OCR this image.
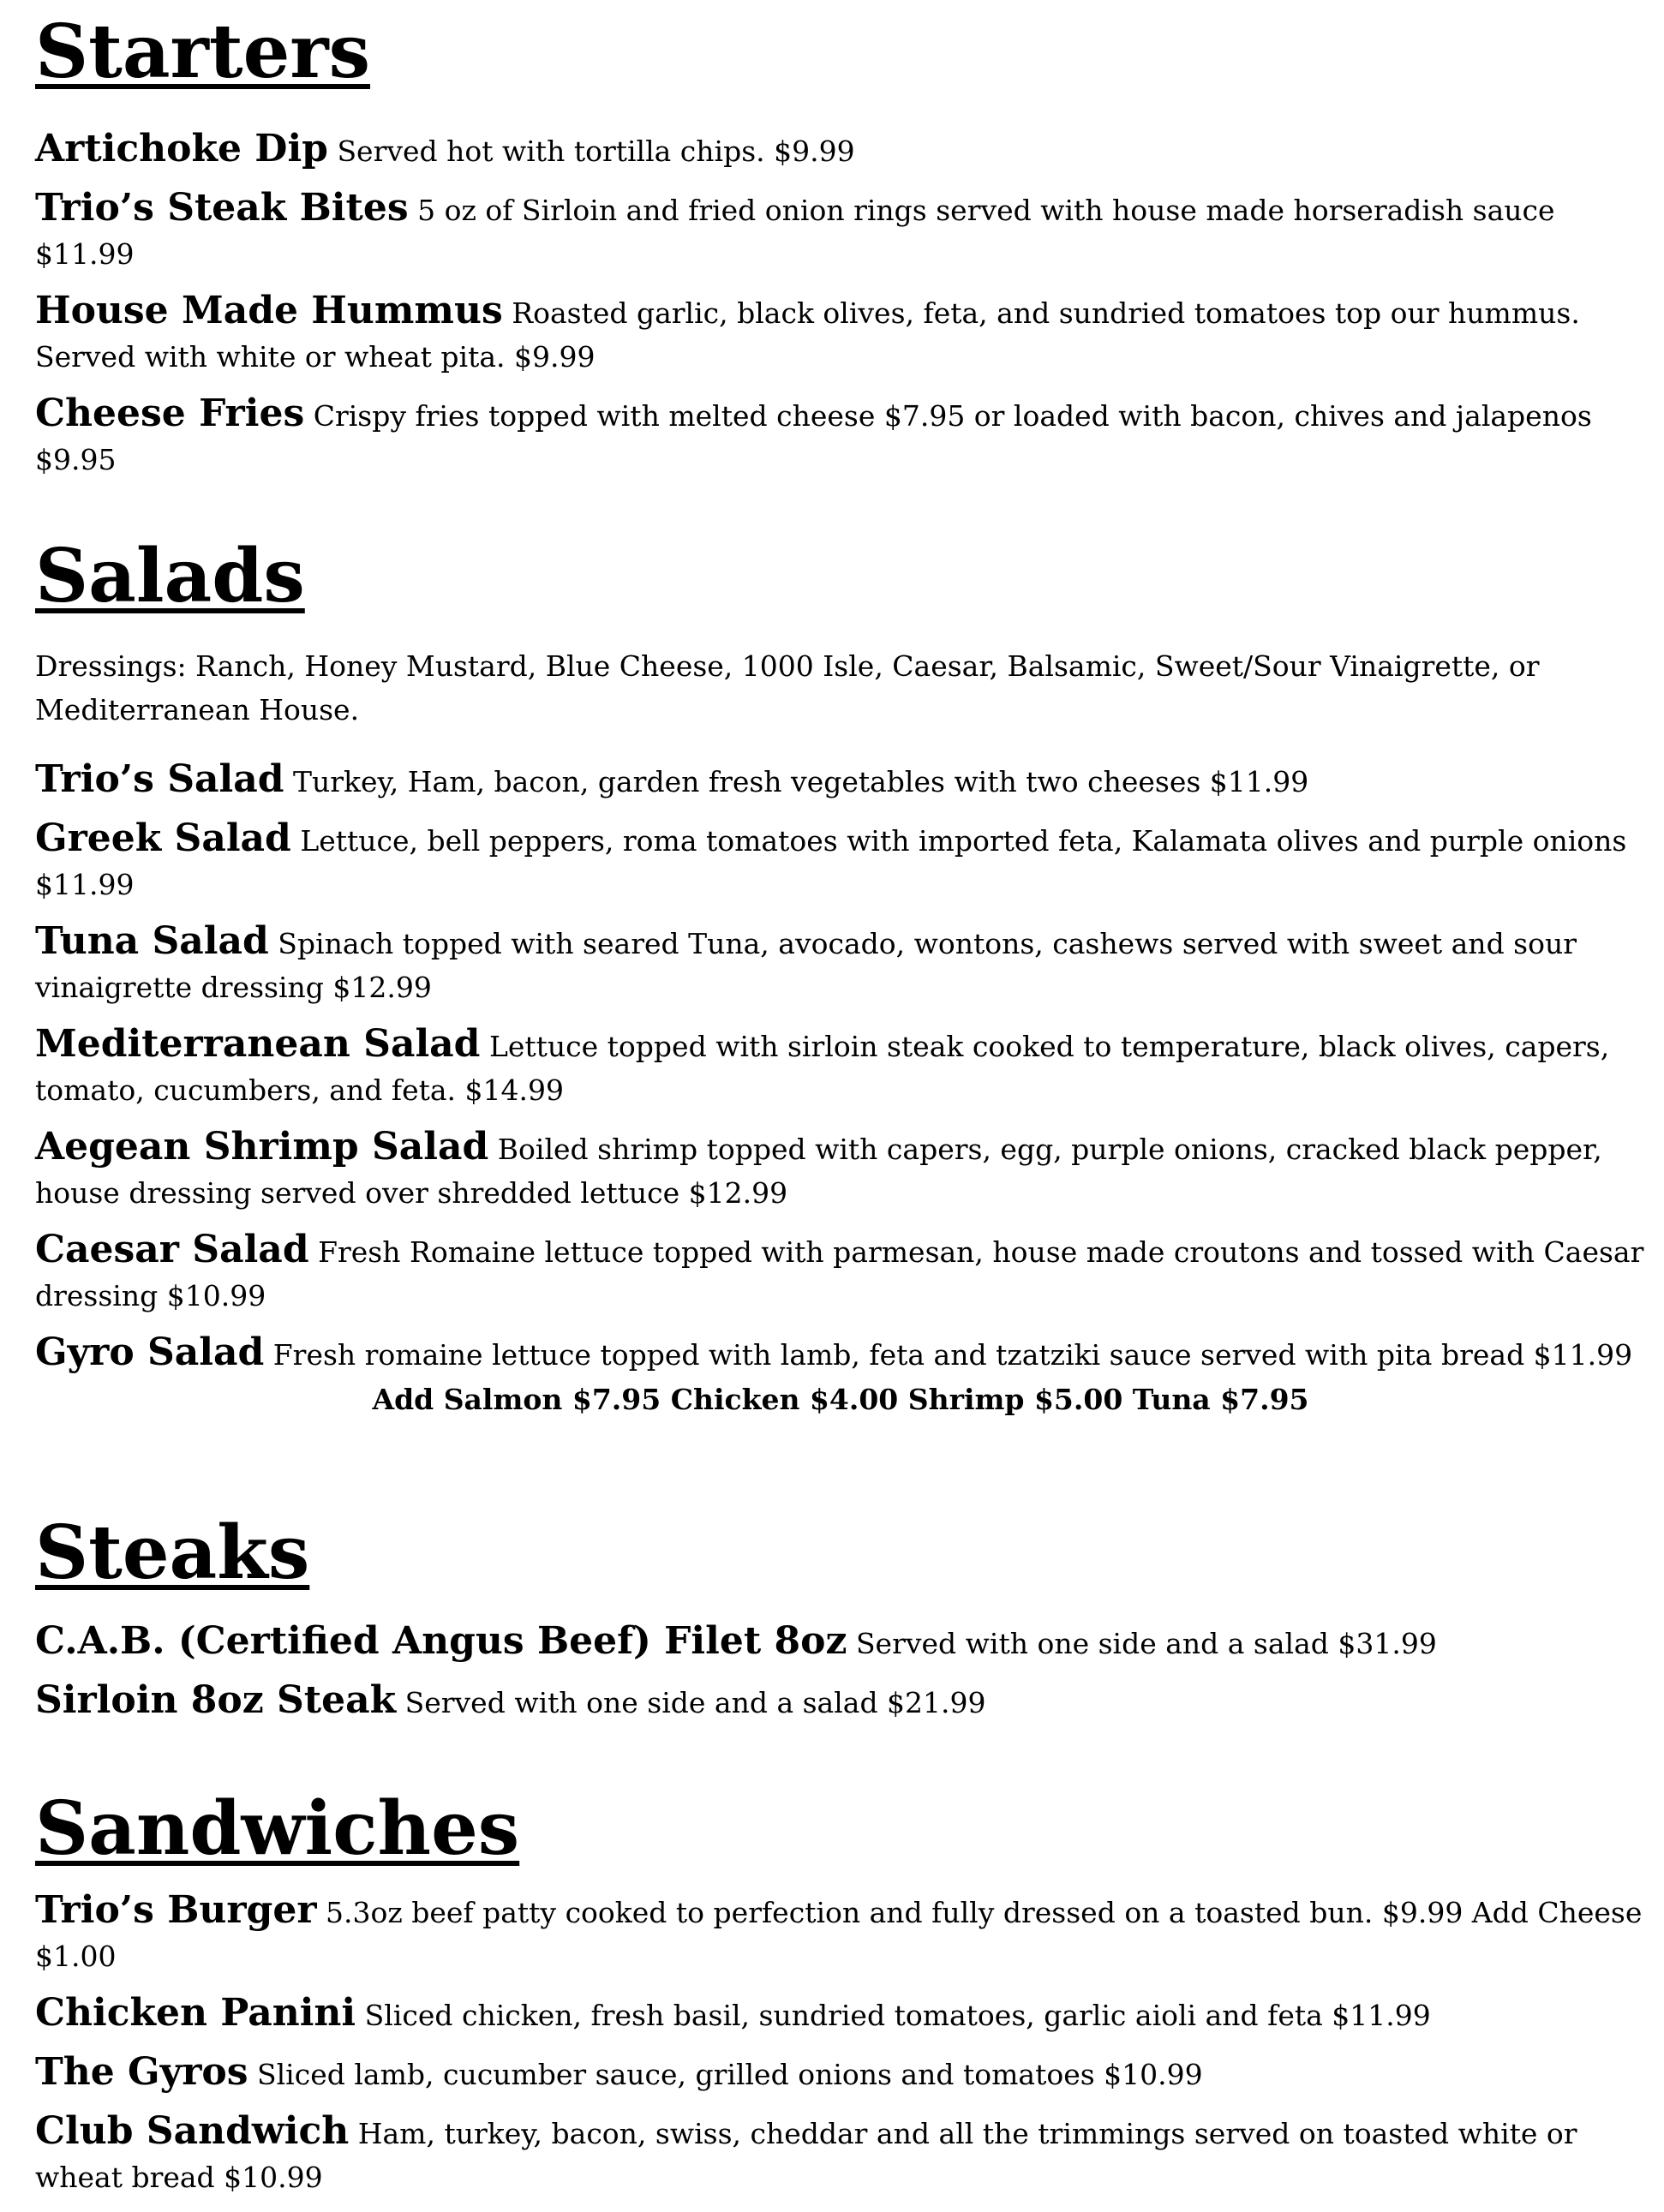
Starters
Artichoke Dip Served hot with tortilla chips. $9.99
Trio’s Steak Bites 5 oz of Sirloin and fried onion rings served with house made horseradish sauce $11.99
House Made Hummus Roasted garlic, black olives, feta, and sundried tomatoes top our hummus. Served with white or wheat pita. $9.99
Cheese Fries Crispy fries topped with melted cheese $7.95 or loaded with bacon, chives and jalapenos $9.95
Salads
Dressings: Ranch, Honey Mustard, Blue Cheese, 1000 Isle, Caesar, Balsamic, Sweet/Sour Vinaigrette, or Mediterranean House.
Trio’s Salad Turkey, Ham, bacon, garden fresh vegetables with two cheeses $11.99
Greek Salad Lettuce, bell peppers, roma tomatoes with imported feta, Kalamata olives and purple onions $11.99
Tuna Salad Spinach topped with seared Tuna, avocado, wontons, cashews served with sweet and sour vinaigrette dressing $12.99
Mediterranean Salad Lettuce topped with sirloin steak cooked to temperature, black olives, capers, tomato, cucumbers, and feta. $14.99
Aegean Shrimp Salad Boiled shrimp topped with capers, egg, purple onions, cracked black pepper, house dressing served over shredded lettuce $12.99
Caesar Salad Fresh Romaine lettuce topped with parmesan, house made croutons and tossed with Caesar dressing $10.99
Gyro Salad Fresh romaine lettuce topped with lamb, feta and tzatziki sauce served with pita bread $11.99
Add Salmon $7.95 Chicken $4.00 Shrimp $5.00 Tuna $7.95
Steaks
C.A.B. (Certified Angus Beef) Filet 8oz Served with one side and a salad $31.99
Sirloin 8oz Steak Served with one side and a salad $21.99
Sandwiches
Trio’s Burger 5.3oz beef patty cooked to perfection and fully dressed on a toasted bun. $9.99 Add Cheese $1.00
Chicken Panini Sliced chicken, fresh basil, sundried tomatoes, garlic aioli and feta $11.99
The Gyros Sliced lamb, cucumber sauce, grilled onions and tomatoes $10.99
Club Sandwich Ham, turkey, bacon, swiss, cheddar and all the trimmings served on toasted white or wheat bread $10.99
